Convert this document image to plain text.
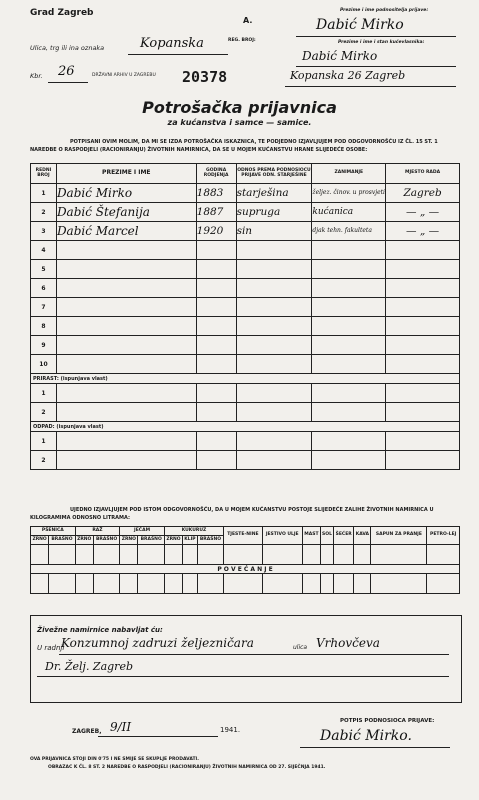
Grad Zagreb
A.
REG. BROJ:
Ulica, trg ili ina oznaka	Kopanska
Kbr. 26	DRŽAVNI ARHIV U ZAGREBU 20378
Prezime i ime podnositelja prijave:
Dabić Mirko
Prezime i ime i stan kućevlasnika:
Dabić Mirko
Kopanska 26 Zagreb
Potrošačka prijavnica
za kućanstva i samce — samice.
POTPISANI OVIM MOLIM, DA MI SE IZDA POTROŠAČKA ISKAZNICA, TE PODJEDNO IZJAVLJUJEM POD ODGOVORNOŠĆU IZ ČL. 15 ST. 1 NAREDBE O RASPODJELI (RACIONIRANJU) ŽIVOTNIH NAMIRNICA, DA SE U MOJEM KUĆANSTVU HRANE SLIJEDEĆE OSOBE:
REDNI BROJ	PREZIME I IME	GODINA RODJENJA	ODNOS PREMA PODNOSIOCU PRIJAVE ODN. STARJEŠINE	ZANIMANJE	MJESTO RADA
1	Dabić Mirko	1883	starješina	željez. činov. u prosvjeti	Zagreb
2	Dabić Štefanija	1887	supruga	kućanica	— „ —
3	Dabić Marcel	1920	sin	djak tehn. fakulteta	— „ —
4					
5					
6					
7					
8					
9					
10					
PRIRAST: (ispunjava vlast)					
1					
2					
ODPAD: (ispunjava vlast)					
1					
2					
UJEDNO IZJAVLJUJEM POD ISTOM ODGOVORNOŠĆU, DA U MOJEM KUĆANSTVU POSTOJE SLIJEDEĆE ZALIHE ŽIVOTNIH NAMIRNICA U KILOGRAMIMA ODNOSNO LITRAMA:
PŠENICA		RAŽ		JEČAM		KUKURUZ			TJESTE-NINE	JESTIVO ULJE	MAST	SOL	ŠEĆER	KAVA	SAPUN ZA PRANJE	PETRO-LEJ
ZRNO	BRAŠNO	ZRNO	BRAŠNO	ZRNO	BRAŠNO	ZRNO	KLIP	BRAŠNO								

P O V E Ć A N J E																

Živežne namirnice nabavljat ću:
U radnji
Konzumnoj zadruzi željezničara	ulica Vrhovčeva
Dr. Želj. Zagreb
ZAGREB, 9/II	1941.
POTPIS PODNOSIOCA PRIJAVE:
Dabić Mirko.
OVA PRIJAVNICA STOJI DIN 0'75 I NE SMIJE SE SKUPLJE PRODAVATI.
OBRAZAC K ČL. 8 ST. 2 NAREDBE O RASPODJELI (RACIONIRANJU) ŽIVOTNIH NAMIRNICA OD 27. SIJEČNJA 1941.
